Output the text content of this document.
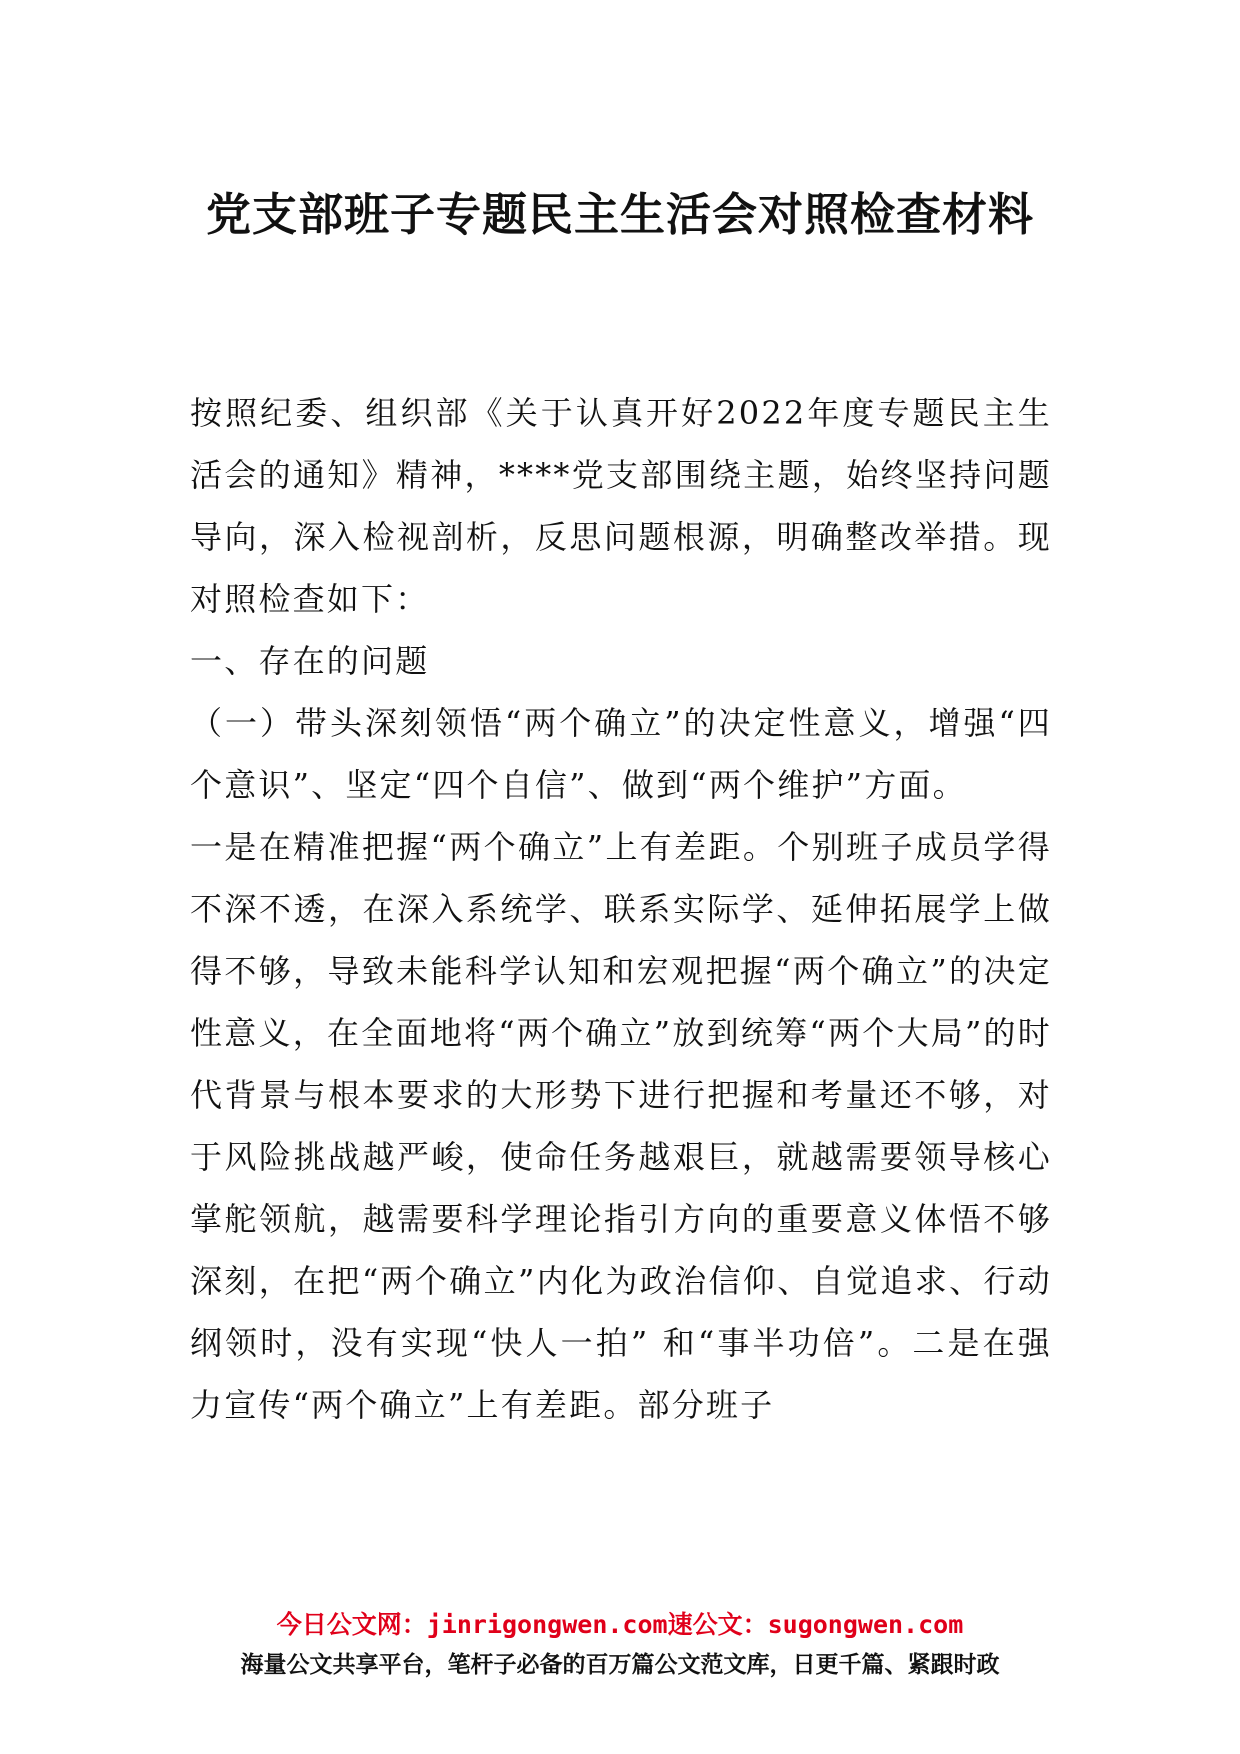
党支部班子专题民主生活会对照检查材料

按照纪委、组织部《关于认真开好2022年度专题民主生活会的通知》精神，****党支部围绕主题，始终坚持问题导向，深入检视剖析，反思问题根源，明确整改举措。现对照检查如下：

一、存在的问题

（一）带头深刻领悟“两个确立”的决定性意义，增强“四个意识”、坚定“四个自信”、做到“两个维护”方面。

一是在精准把握“两个确立”上有差距。个别班子成员学得不深不透，在深入系统学、联系实际学、延伸拓展学上做得不够，导致未能科学认知和宏观把握“两个确立”的决定性意义，在全面地将“两个确立”放到统筹“两个大局”的时代背景与根本要求的大形势下进行把握和考量还不够，对于风险挑战越严峻，使命任务越艰巨，就越需要领导核心掌舵领航，越需要科学理论指引方向的重要意义体悟不够深刻，在把“两个确立”内化为政治信仰、自觉追求、行动纲领时，没有实现“快人一拍” 和“事半功倍”。二是在强力宣传“两个确立”上有差距。部分班子

今日公文网：jinrigongwen.com速公文：sugongwen.com
海量公文共享平台，笔杆子必备的百万篇公文范文库，日更千篇、紧跟时政
